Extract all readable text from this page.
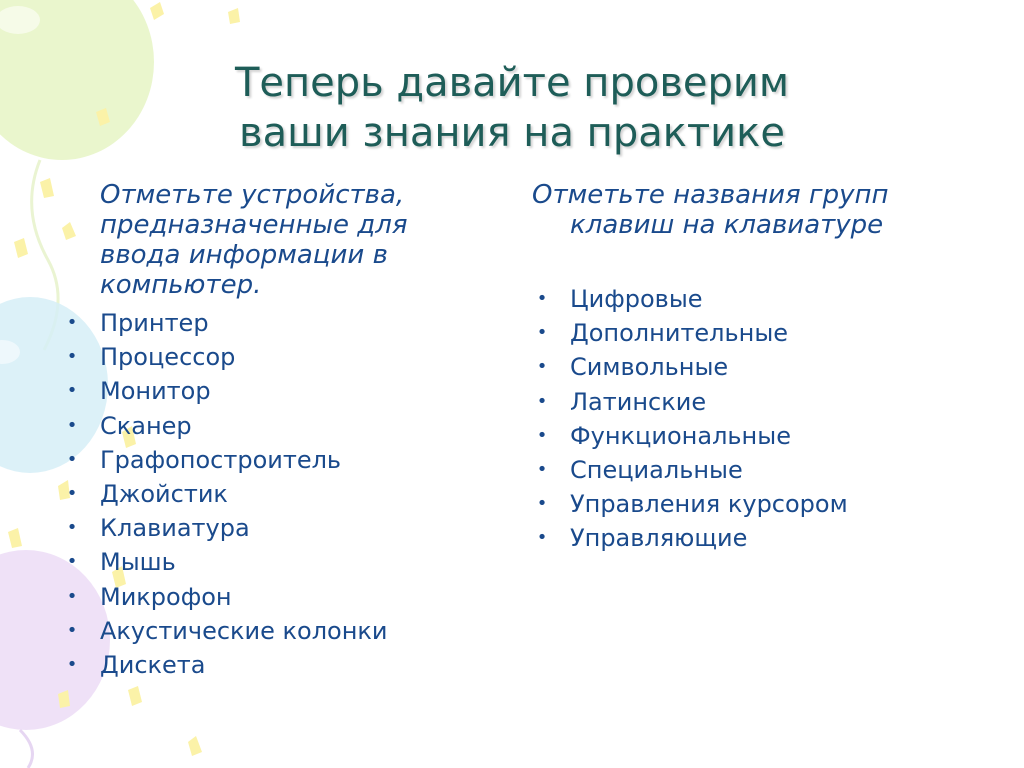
Теперь давайте проверим
ваши знания на практике

Отметьте устройства, предназначенные для ввода информации в компьютер.

• Принтер
• Процессор
• Монитор
• Сканер
• Графопостроитель
• Джойстик
• Клавиатура
• Мышь
• Микрофон
• Акустические колонки
• Дискета

Отметьте названия групп клавиш на клавиатуре

• Цифровые
• Дополнительные
• Символьные
• Латинские
• Функциональные
• Специальные
• Управления курсором
• Управляющие
